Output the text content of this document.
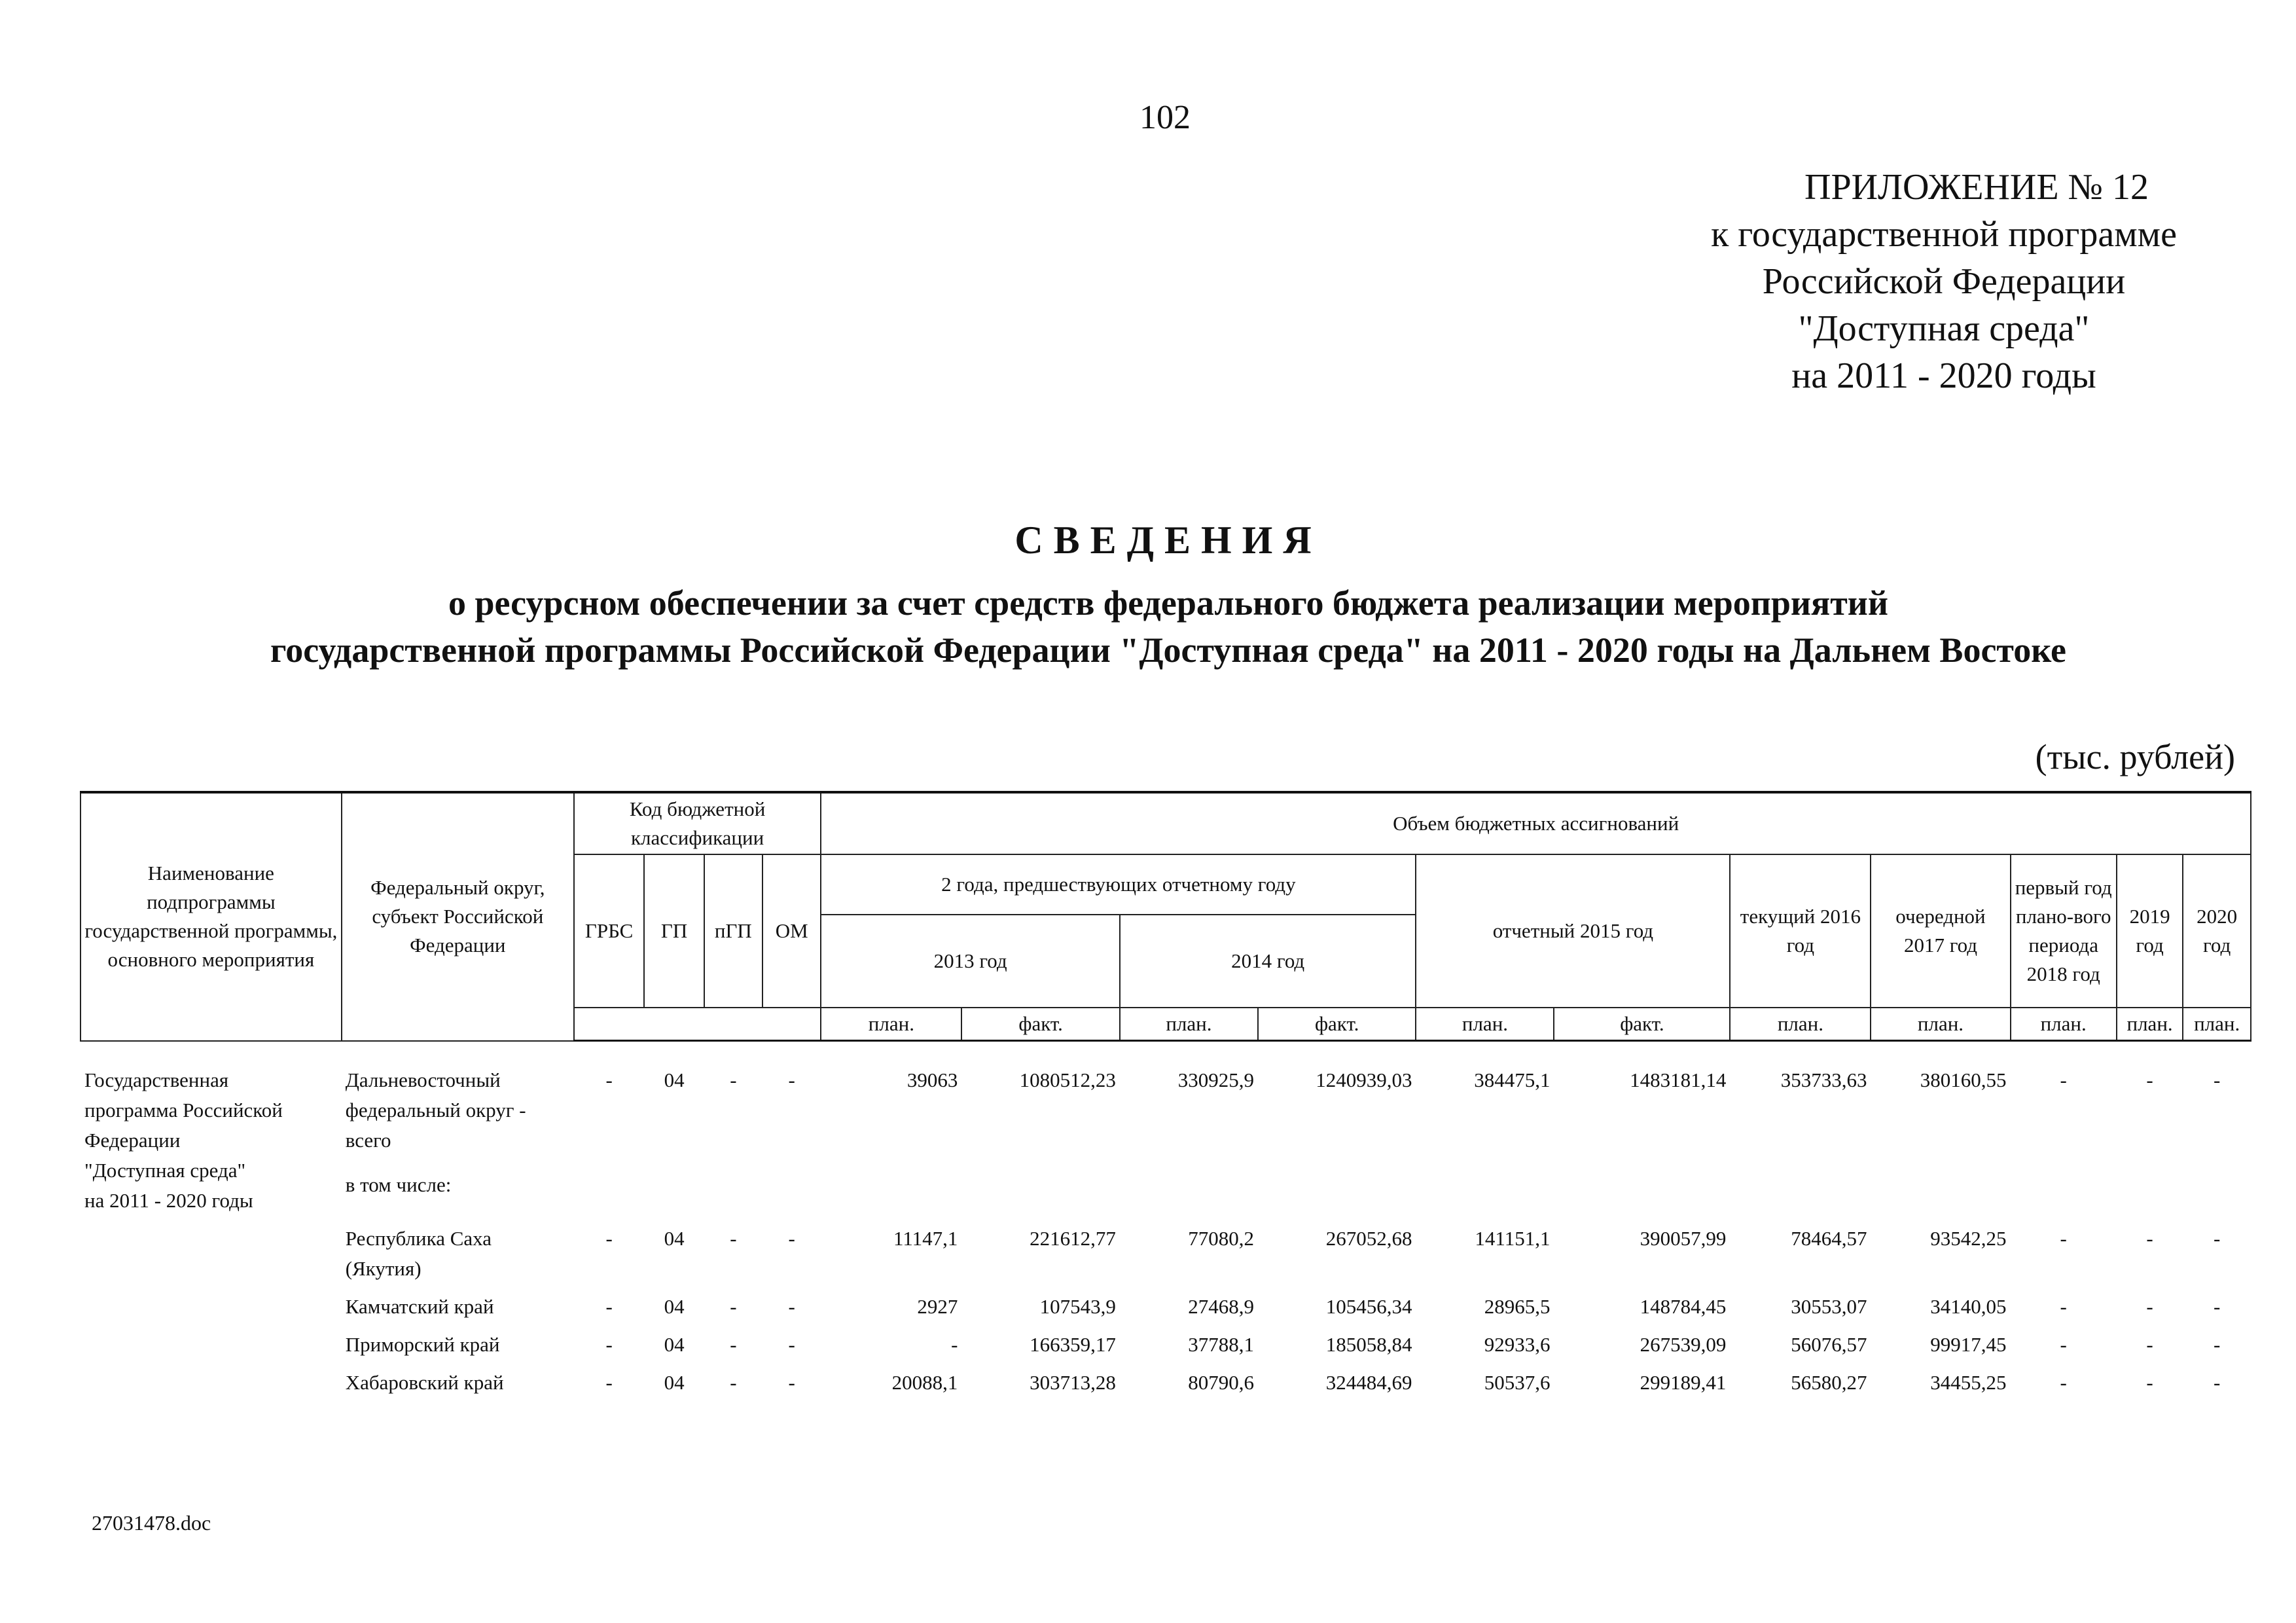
102
ПРИЛОЖЕНИЕ № 12
к государственной программе
Российской Федерации
"Доступная среда"
на 2011 - 2020 годы
СВЕДЕНИЯ
о ресурсном обеспечении за счет средств федерального бюджета реализации мероприятий
государственной программы Российской Федерации "Доступная среда" на 2011 - 2020 годы на Дальнем Востоке
(тыс. рублей)
Наименование подпрограммы государственной программы, основного мероприятия	Федеральный округ, субъект Российской Федерации	Код бюджетной классификации				Объем бюджетных ассигнований										
		ГРБС	ГП	пГП	ОМ	2 года, предшествующих отчетному году				отчетный 2015 год		текущий 2016 год	очередной 2017 год	первый год плано-вого периода 2018 год	2019 год	2020 год
						2013 год		2014 год								
						план.	факт.	план.	факт.	план.	факт.	план.	план.	план.	план.	план.

Государственная
программа Российской
Федерации
"Доступная среда"
на 2011 - 2020 годы	Дальневосточный федеральный округ - всего	-	04	-	-	39063	1080512,23	330925,9	1240939,03	384475,1	1483181,14	353733,63	380160,55	-	-	-
	в том числе:															

	Республика Саха (Якутия)	-	04	-	-	11147,1	221612,77	77080,2	267052,68	141151,1	390057,99	78464,57	93542,25	-	-	-
	Камчатский край	-	04	-	-	2927	107543,9	27468,9	105456,34	28965,5	148784,45	30553,07	34140,05	-	-	-
	Приморский край	-	04	-	-	-	166359,17	37788,1	185058,84	92933,6	267539,09	56076,57	99917,45	-	-	-
	Хабаровский край	-	04	-	-	20088,1	303713,28	80790,6	324484,69	50537,6	299189,41	56580,27	34455,25	-	-	-
27031478.doc
